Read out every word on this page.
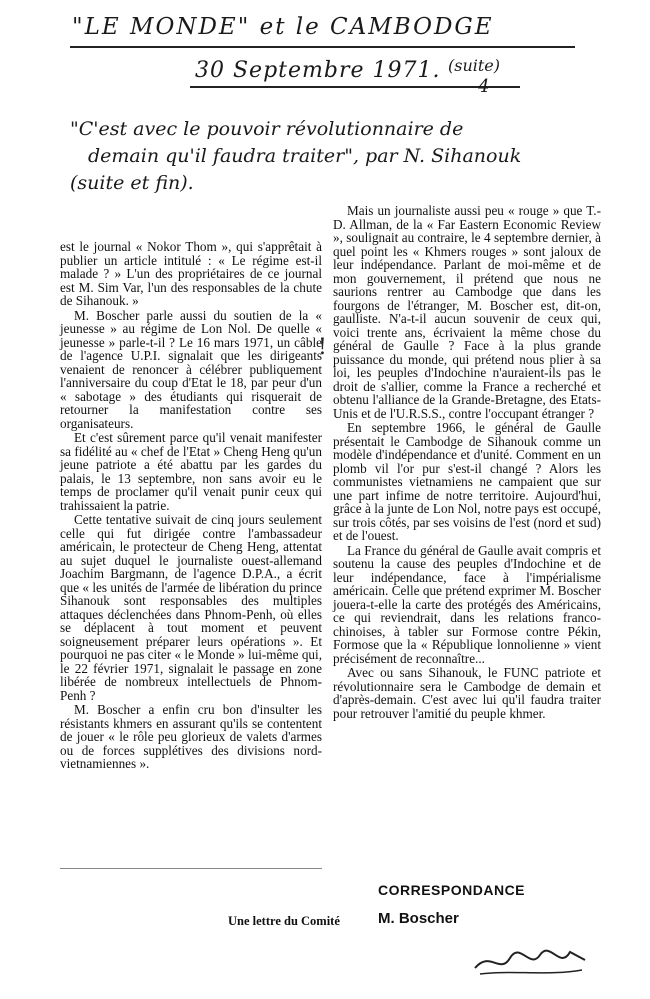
"LE MONDE" et le CAMBODGE
30 Septembre 1971. (suite)
4
"C'est avec le pouvoir révolutionnaire de
demain qu'il faudra traiter", par N. Sihanouk
(suite et fin).

est le journal « Nokor Thom », qui s'apprêtait à publier un article intitulé : « Le régime est-il malade ? » L'un des propriétaires de ce journal est M. Sim Var, l'un des responsables de la chute de Sihanouk. »

M. Boscher parle aussi du soutien de la « jeunesse » au régime de Lon Nol. De quelle « jeunesse » parle-t-il ? Le 16 mars 1971, un câble de l'agence U.P.I. signalait que les dirigeants venaient de renoncer à célébrer publiquement l'anniversaire du coup d'Etat le 18, par peur d'un « sabotage » des étudiants qui risquerait de retourner la manifestation contre ses organisateurs.

Et c'est sûrement parce qu'il venait manifester sa fidélité au « chef de l'Etat » Cheng Heng qu'un jeune patriote a été abattu par les gardes du palais, le 13 septembre, non sans avoir eu le temps de proclamer qu'il venait punir ceux qui trahissaient la patrie.

Cette tentative suivait de cinq jours seulement celle qui fut dirigée contre l'ambassadeur américain, le protecteur de Cheng Heng, attentat au sujet duquel le journaliste ouest-allemand Joachim Bargmann, de l'agence D.P.A., a écrit que « les unités de l'armée de libération du prince Sihanouk sont responsables des multiples attaques déclenchées dans Phnom-Penh, où elles se déplacent à tout moment et peuvent soigneusement préparer leurs opérations ». Et pourquoi ne pas citer « le Monde » lui-même qui, le 22 février 1971, signalait le passage en zone libérée de nombreux intellectuels de Phnom-Penh ?

M. Boscher a enfin cru bon d'insulter les résistants khmers en assurant qu'ils se contentent de jouer « le rôle peu glorieux de valets d'armes ou de forces supplétives des divisions nord-vietnamiennes ».

!

Mais un journaliste aussi peu « rouge » que T.-D. Allman, de la « Far Eastern Economic Review », soulignait au contraire, le 4 septembre dernier, à quel point les « Khmers rouges » sont jaloux de leur indépendance. Parlant de moi-même et de mon gouvernement, il prétend que nous ne saurions rentrer au Cambodge que dans les fourgons de l'étranger, M. Boscher est, dit-on, gaulliste. N'a-t-il aucun souvenir de ceux qui, voici trente ans, écrivaient la même chose du général de Gaulle ? Face à la plus grande puissance du monde, qui prétend nous plier à sa loi, les peuples d'Indochine n'auraient-ils pas le droit de s'allier, comme la France a recherché et obtenu l'alliance de la Grande-Bretagne, des Etats-Unis et de l'U.R.S.S., contre l'occupant étranger ?

En septembre 1966, le général de Gaulle présentait le Cambodge de Sihanouk comme un modèle d'indépendance et d'unité. Comment en un plomb vil l'or pur s'est-il changé ? Alors les communistes vietnamiens ne campaient que sur une part infime de notre territoire. Aujourd'hui, grâce à la junte de Lon Nol, notre pays est occupé, sur trois côtés, par ses voisins de l'est (nord et sud) et de l'ouest.

La France du général de Gaulle avait compris et soutenu la cause des peuples d'Indochine et de leur indépendance, face à l'impérialisme américain. Celle que prétend exprimer M. Boscher jouera-t-elle la carte des protégés des Américains, ce qui reviendrait, dans les relations franco-chinoises, à tabler sur Formose contre Pékin, Formose que la « République lonnolienne » vient précisément de reconnaître...

Avec ou sans Sihanouk, le FUNC patriote et révolutionnaire sera le Cambodge de demain et d'après-demain. C'est avec lui qu'il faudra traiter pour retrouver l'amitié du peuple khmer.

CORRESPONDANCE
Une lettre du Comité	M. Boscher
